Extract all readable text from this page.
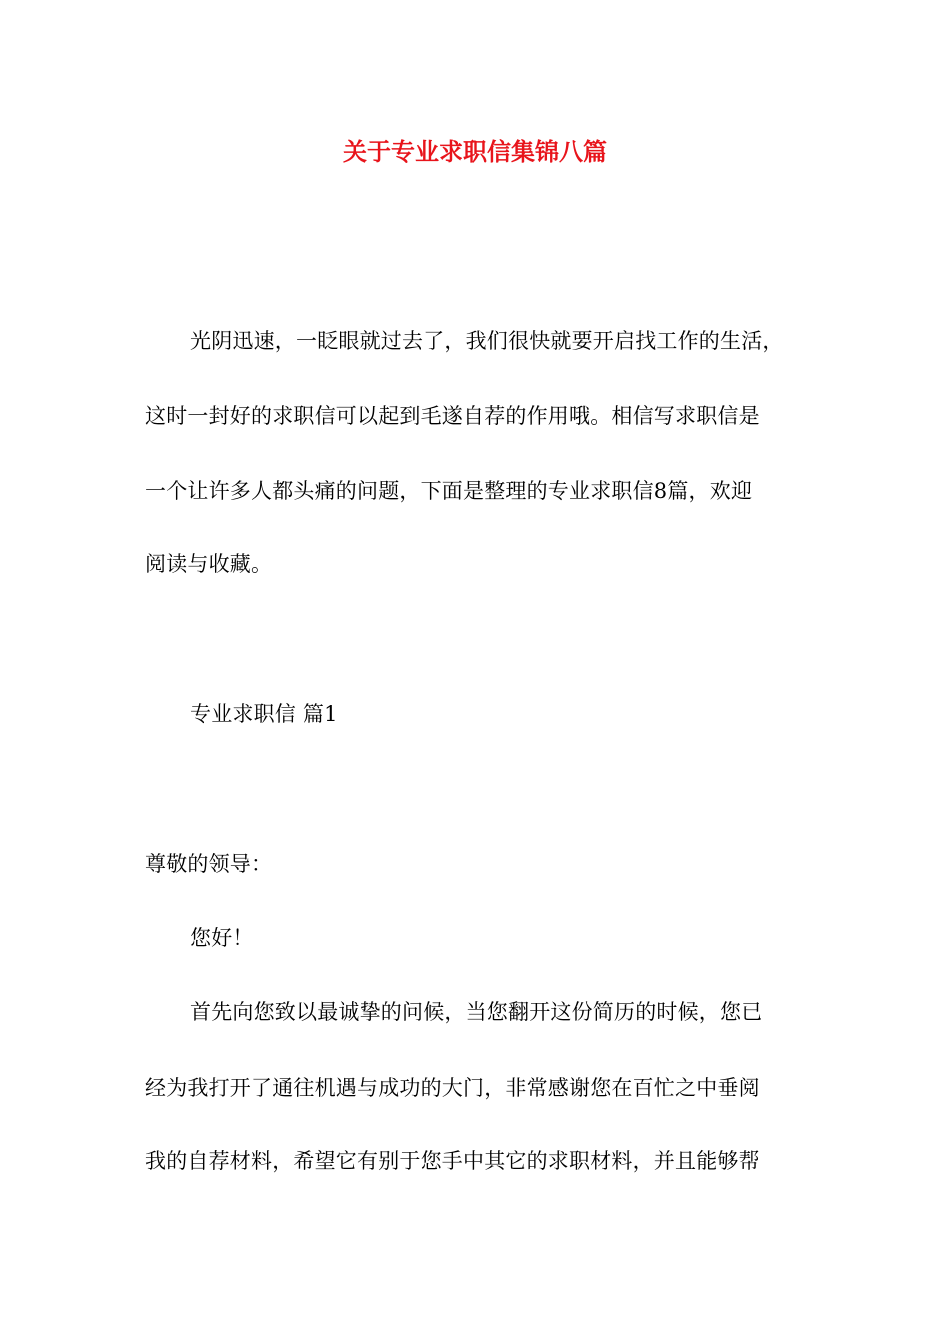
关于专业求职信集锦八篇
光阴迅速，一眨眼就过去了，我们很快就要开启找工作的生活，
这时一封好的求职信可以起到毛遂自荐的作用哦。相信写求职信是
一个让许多人都头痛的问题，下面是整理的专业求职信8篇，欢迎
阅读与收藏。
专业求职信 篇1
尊敬的领导：
您好！
首先向您致以最诚挚的问候，当您翻开这份简历的时候，您已
经为我打开了通往机遇与成功的大门，非常感谢您在百忙之中垂阅
我的自荐材料，希望它有别于您手中其它的求职材料，并且能够帮
